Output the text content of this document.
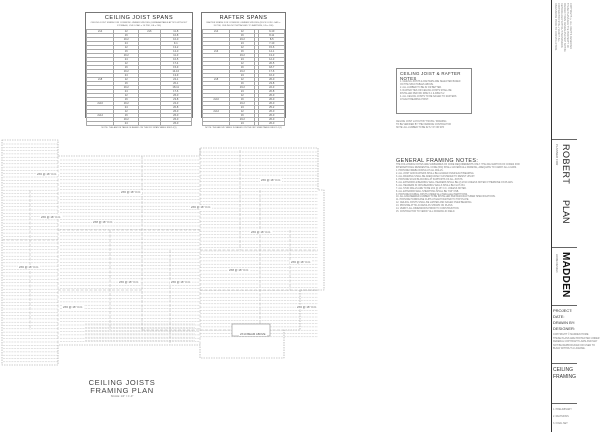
CEILING JOIST SPANS
CEILING JOIST SPANS FOR COMMON LUMBER SPECIES (UNINHABITABLE ATTICS WITHOUT STORAGE, LIVE LOAD = 10 PSF, L/Δ = 240)
2x4	12	2x6	11-8
	16		10-8
	19.2		10-0
	24		9-1
	12		13-2
	16		12-0
	19.2		11-3
	24		10-5
	12		17-4
	16		15-9
	19.2		14-10
	24		13-9
2x8	12		22-1
	16		20-1
	19.2		18-11
	24		17-6
	12		26-0
	16		23-8
2x10	19.2		22-3
	24		20-8
	12		26-0
2x12	16		26-0
	19.2		26-0
	24		26-0
NOTE: THE ABOVE TABLE IS BASED ON THE IRC SPAN TABLE R802.4(1)
RAFTER SPANS
RAFTER SPANS FOR COMMON LUMBER SPECIES (ROOF LIVE LOAD = 20 PSF, CEILING NOT ATTACHED TO RAFTERS, L/Δ = 180)
2x4	12		9-10
	16		8-11
	19.2		8-5
	24		7-10
	12		15-6
2x6	16		14-1
	19.2		13-3
	24		12-3
	12		20-5
	16		18-7
	19.2		17-6
	24		16-3
2x8	12		26-0
	16		23-8
	19.2		22-3
	24		20-8
	12		26-0
2x10	16		26-0
	19.2		26-0
	24		25-2
2x12	12		26-0
	16		26-0
	19.2		26-0
	24		26-0
NOTE: THE ABOVE TABLE IS BASED ON THE IRC SPAN TABLE R802.5.1(1)
CEILING JOIST & RAFTER NOTES
1. CEILING JOISTS & RAFTERS ARE SELECTED BASED
ON THE SPAN TABLES ABOVE.
2. ALL LUMBER TO BE #2 OR BETTER.
3. RAFTER TIES OR CEILING JOISTS SHALL BE
INSTALLED PER IRC R802.3.1 & R802.5.2
4. ALL CEILING JOISTS TO BE NAILED TO RAFTERS
AT EACH BEARING POINT.
CEILING JOIST LAYOUT BY TRUSS / FRAMING
TO BE VERIFIED BY THE FRAMING CONTRACTOR
NOTE: ALL LUMBER TO BE #2 S.Y.P. OR SPF
GENERAL FRAMING NOTES:
THE FOLLOWING NOTES ARE SUMMARIES OF CODE REQUIREMENTS ONLY. THE 2012 EDITION OF CODES FOR INTERNATIONAL RESIDENTIAL CODE (IRC) SHALL GOVERN ALL FRAMING, ADEQUATE TO CARRY ALL LOADS.
1. PROVIDE FIREBLOCKING AT ALL WALLS.
2. ALL JOIST AND RAFTERS SHALL BE ALIGNED OVER EACH BEARING.
3. ALL FRAMING SHALL BE ADEQUATELY FASTENED TO RESIST UPLIFT.
4. PROVIDE SOLID BLOCKING AT SUPPORTS OF ALL JOISTS.
5. ALL EXTERIOR & BEARING WALL HEADERS SHALL BE (2) 2X10 UNLESS NOTED OTHERWISE ON PLANS.
6. ALL HEADERS IN NON-BEARING WALLS SHALL BE FLAT 2X4.
7. ALL STUD WALLS ARE TO BE 2X4 @ 16" O.C. UNLESS NOTED.
8. ALL EXTERIOR WALL SHEATHING SHALL BE 7/16" OSB.
9. PROVIDE DOUBLE JOISTS UNDER ALL PARALLEL PARTITIONS.
10. ALL ENGINEERED LUMBER TO BE INSTALLED PER MANUFACTURER SPECIFICATIONS.
11. PROVIDE HURRICANE CLIPS AT EACH RAFTER TO TOP PLATE.
12. CEILING JOISTS SHALL BE LAPPED AND NAILED OVER BEARING.
13. PROVIDE ATTIC ACCESS AS SHOWN ON PLANS.
14. VERIFY ALL DIMENSIONS PRIOR TO CONSTRUCTION.
15. CONTRACTOR TO VERIFY ALL FRAMING IN FIELD.
2X6 @ 16" O.C.
2X6 @ 16" O.C.
2X6 @ 16" O.C.
2X6 @ 16" O.C.
2X8 @ 16" O.C.
2X6 @ 16" O.C.
2X6 @ 16" O.C.
2X6 @ 16" O.C.
2X6 @ 16" O.C.
2X8 @ 16" O.C.
2X6 @ 16" O.C.
2X6 @ 16" O.C.
2X6 @ 16" O.C.
2X6 @ 16" O.C.
2X10 BEAM ABOVE
CEILING JOISTS
FRAMING PLAN
SCALE: 1/4" = 1'-0"
COPYRIGHT © ALL RIGHTS RESERVED
THESE PLANS ARE THE PROPERTY OF
MADDEN HOME DESIGN AND MAY NOT BE
REPRODUCED WITHOUT PERMISSION.
CONTRACTOR SHALL VERIFY ALL
DIMENSIONS PRIOR TO CONSTRUCTION.
PLANNED FOR ROBERT
PLAN
MADDEN
HOME DESIGN
PROJECT:
DATE:
DRAWN BY:
DESIGNER:
COPYRIGHT © MADDEN HOME
THESE PLANS ARE PROTECTED UNDER
FEDERAL COPYRIGHT LAWS AND MAY
NOT BE REPRODUCED OR USED TO
BUILD WITHOUT A LICENSE.
CEILING
FRAMING
1. PRELIMINARY
2. REVISIONS
3. FINAL SET
